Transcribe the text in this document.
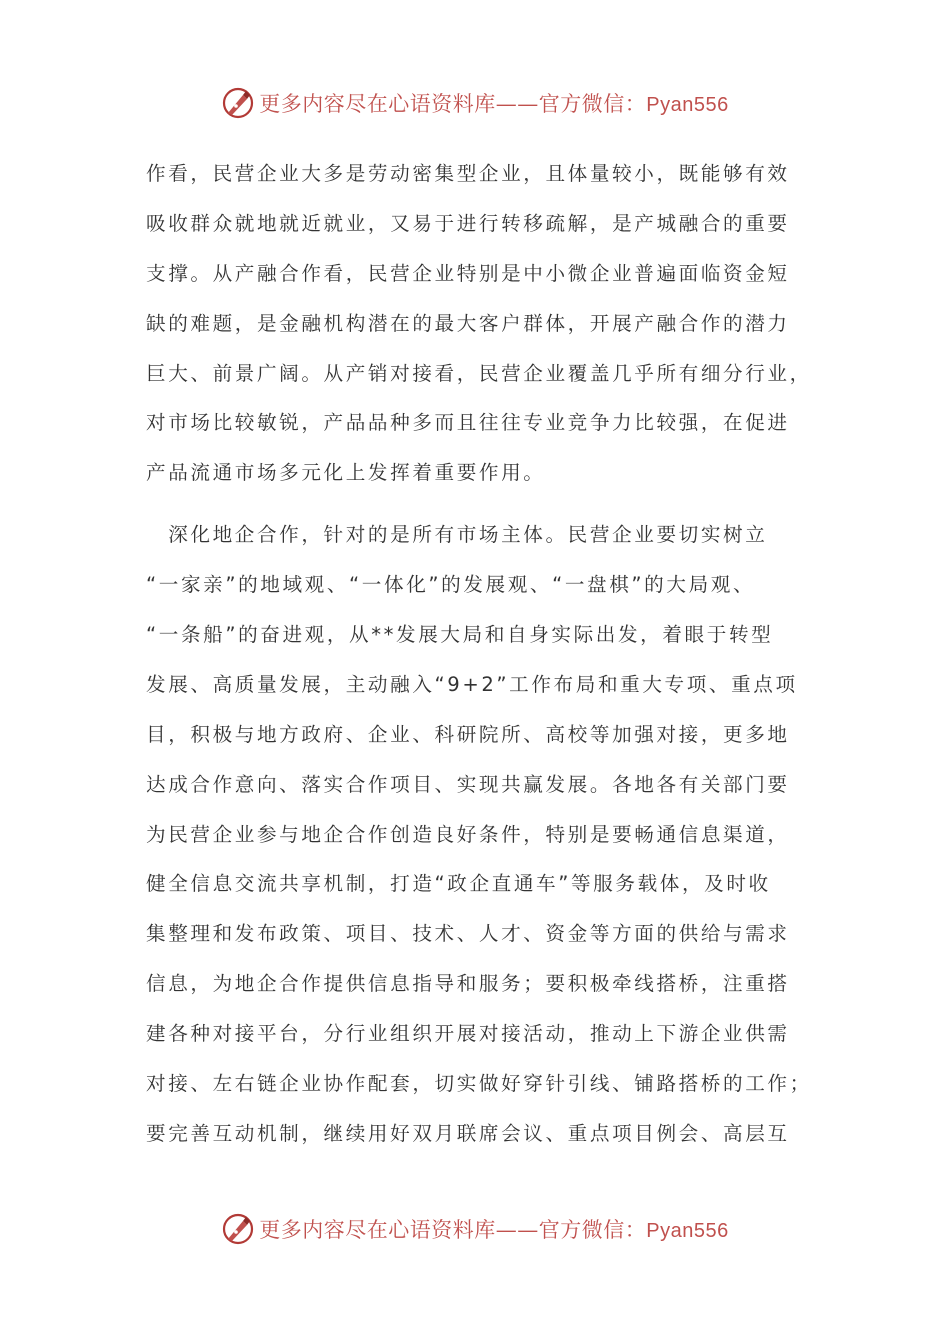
更多内容尽在心语资料库——官方微信：Pyan556
作看，民营企业大多是劳动密集型企业，且体量较小，既能够有效
吸收群众就地就近就业，又易于进行转移疏解，是产城融合的重要
支撑。从产融合作看，民营企业特别是中小微企业普遍面临资金短
缺的难题，是金融机构潜在的最大客户群体，开展产融合作的潜力
巨大、前景广阔。从产销对接看，民营企业覆盖几乎所有细分行业，
对市场比较敏锐，产品品种多而且往往专业竞争力比较强，在促进
产品流通市场多元化上发挥着重要作用。
　深化地企合作，针对的是所有市场主体。民营企业要切实树立
“一家亲”的地域观、“一体化”的发展观、“一盘棋”的大局观、
“一条船”的奋进观，从**发展大局和自身实际出发，着眼于转型
发展、高质量发展，主动融入“9+2”工作布局和重大专项、重点项
目，积极与地方政府、企业、科研院所、高校等加强对接，更多地
达成合作意向、落实合作项目、实现共赢发展。各地各有关部门要
为民营企业参与地企合作创造良好条件，特别是要畅通信息渠道，
健全信息交流共享机制，打造“政企直通车”等服务载体，及时收
集整理和发布政策、项目、技术、人才、资金等方面的供给与需求
信息，为地企合作提供信息指导和服务；要积极牵线搭桥，注重搭
建各种对接平台，分行业组织开展对接活动，推动上下游企业供需
对接、左右链企业协作配套，切实做好穿针引线、铺路搭桥的工作；
要完善互动机制，继续用好双月联席会议、重点项目例会、高层互
更多内容尽在心语资料库——官方微信：Pyan556
